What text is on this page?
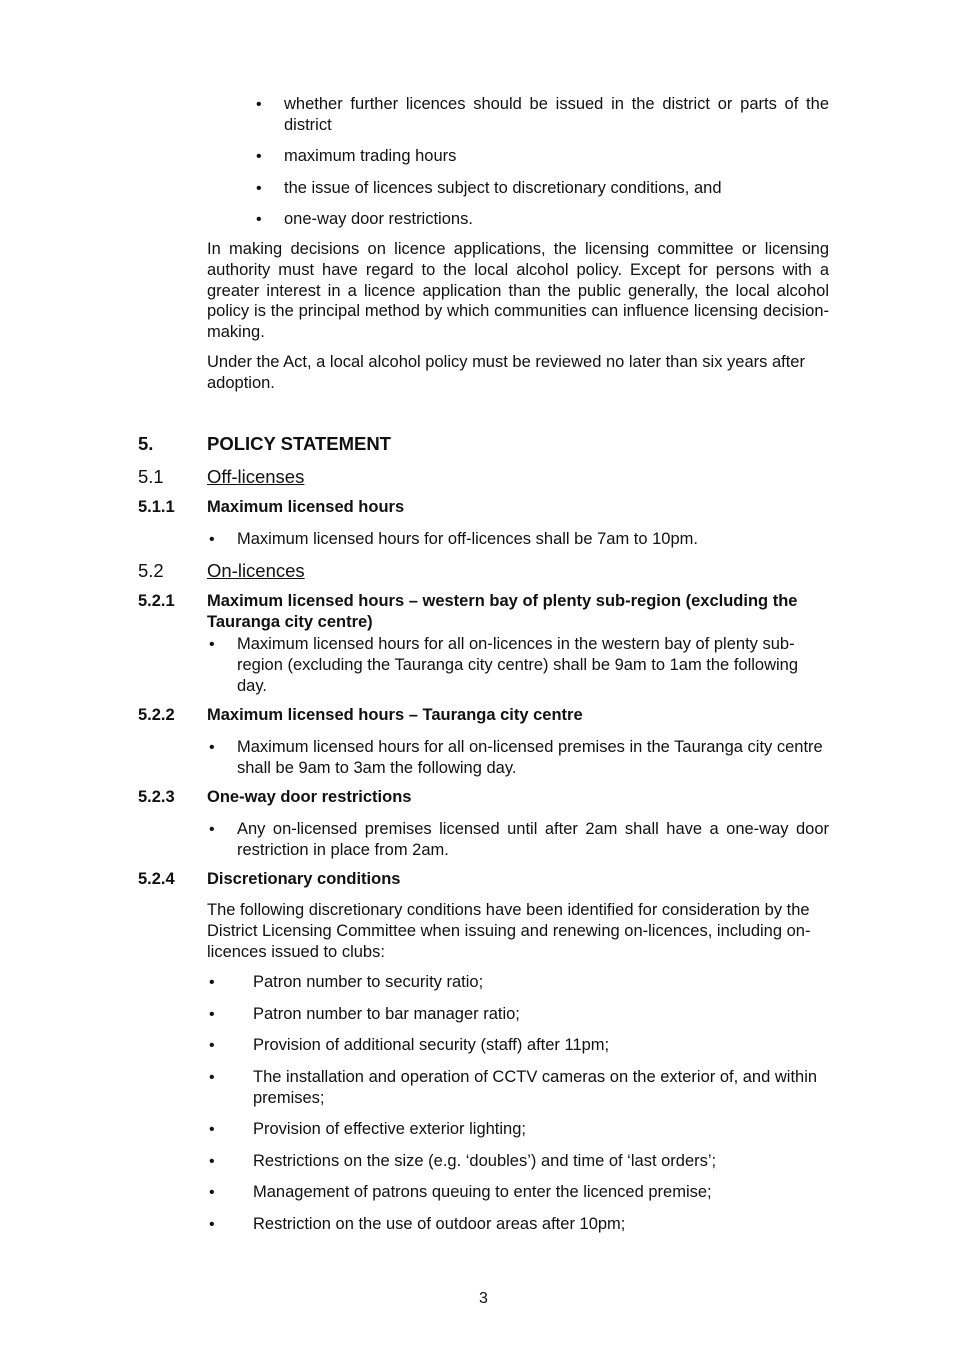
• whether further licences should be issued in the district or parts of the district
• maximum trading hours
• the issue of licences subject to discretionary conditions, and
• one-way door restrictions.
In making decisions on licence applications, the licensing committee or licensing authority must have regard to the local alcohol policy. Except for persons with a greater interest in a licence application than the public generally, the local alcohol policy is the principal method by which communities can influence licensing decision-making.
Under the Act, a local alcohol policy must be reviewed no later than six years after adoption.
5.	POLICY STATEMENT
5.1 Off-licenses
5.1.1 Maximum licensed hours
• Maximum licensed hours for off-licences shall be 7am to 10pm.
5.2 On-licences
5.2.1 Maximum licensed hours – western bay of plenty sub-region (excluding the Tauranga city centre)
• Maximum licensed hours for all on-licences in the western bay of plenty sub-region (excluding the Tauranga city centre) shall be 9am to 1am the following day.
5.2.2 Maximum licensed hours – Tauranga city centre
• Maximum licensed hours for all on-licensed premises in the Tauranga city centre shall be 9am to 3am the following day.
5.2.3 One-way door restrictions
• Any on-licensed premises licensed until after 2am shall have a one-way door restriction in place from 2am.
5.2.4 Discretionary conditions
The following discretionary conditions have been identified for consideration by the District Licensing Committee when issuing and renewing on-licences, including on-licences issued to clubs:
• Patron number to security ratio;
• Patron number to bar manager ratio;
• Provision of additional security (staff) after 11pm;
• The installation and operation of CCTV cameras on the exterior of, and within premises;
• Provision of effective exterior lighting;
• Restrictions on the size (e.g. ‘doubles’) and time of ‘last orders’;
• Management of patrons queuing to enter the licenced premise;
• Restriction on the use of outdoor areas after 10pm;
3
